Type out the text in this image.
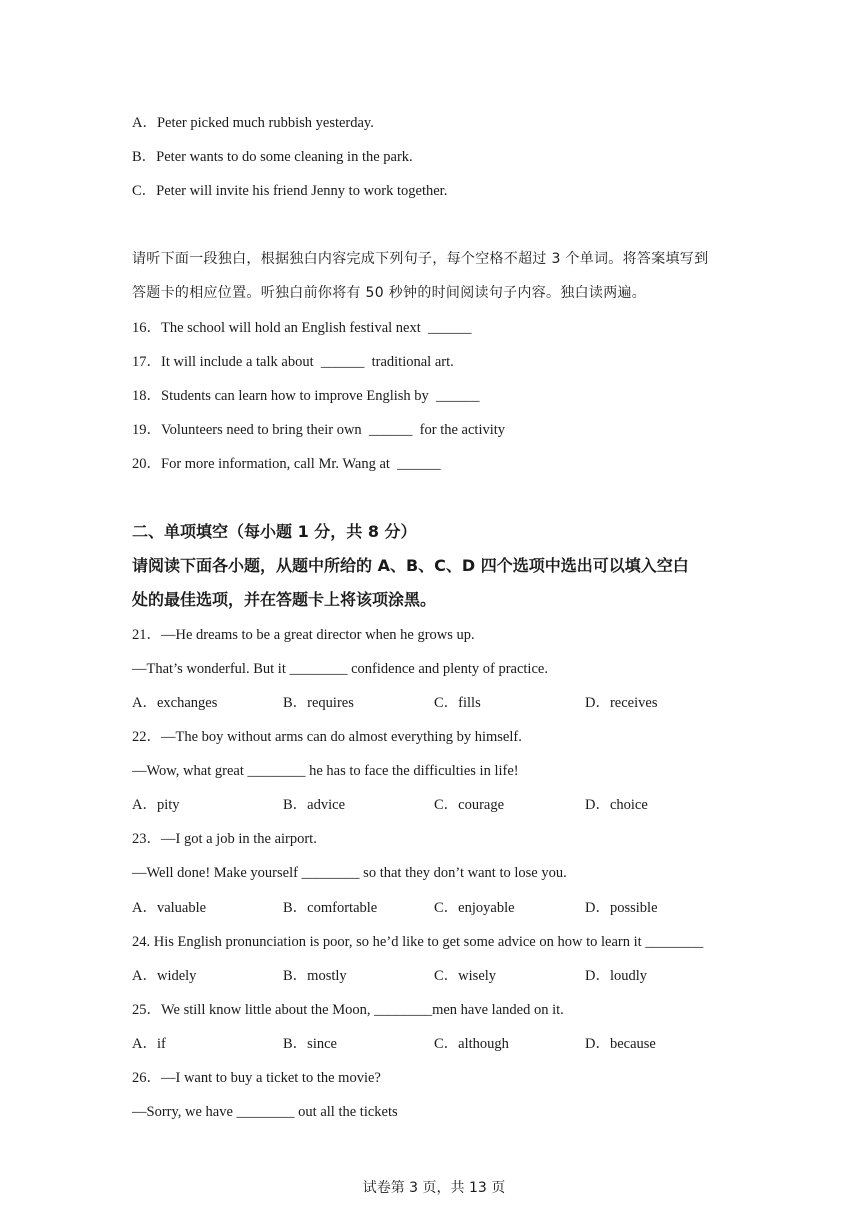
A．Peter picked much rubbish yesterday.
B．Peter wants to do some cleaning in the park.
C．Peter will invite his friend Jenny to work together.
请听下面一段独白，根据独白内容完成下列句子，每个空格不超过 3 个单词。将答案填写到
答题卡的相应位置。听独白前你将有 50 秒钟的时间阅读句子内容。独白读两遍。
16．The school will hold an English festival next  ______
17．It will include a talk about  ______  traditional art.
18．Students can learn how to improve English by  ______
19．Volunteers need to bring their own  ______  for the activity
20．For more information, call Mr. Wang at  ______
二、单项填空（每小题 1 分，共 8 分）
请阅读下面各小题，从题中所给的 A、B、C、D 四个选项中选出可以填入空白
处的最佳选项，并在答题卡上将该项涂黑。
21．—He dreams to be a great director when he grows up.
—That’s wonderful. But it ________ confidence and plenty of practice.
A．exchanges	B．requires	C．fills	D．receives
22．—The boy without arms can do almost everything by himself.
—Wow, what great ________ he has to face the difficulties in life!
A．pity	B．advice	C．courage	D．choice
23．—I got a job in the airport.
—Well done! Make yourself ________ so that they don’t want to lose you.
A．valuable	B．comfortable	C．enjoyable	D．possible
24. His English pronunciation is poor, so he’d like to get some advice on how to learn it ________
A．widely	B．mostly	C．wisely	D．loudly
25．We still know little about the Moon, ________men have landed on it.
A．if	B．since	C．although	D．because
26．—I want to buy a ticket to the movie?
—Sorry, we have ________ out all the tickets
试卷第 3 页，共 13 页
